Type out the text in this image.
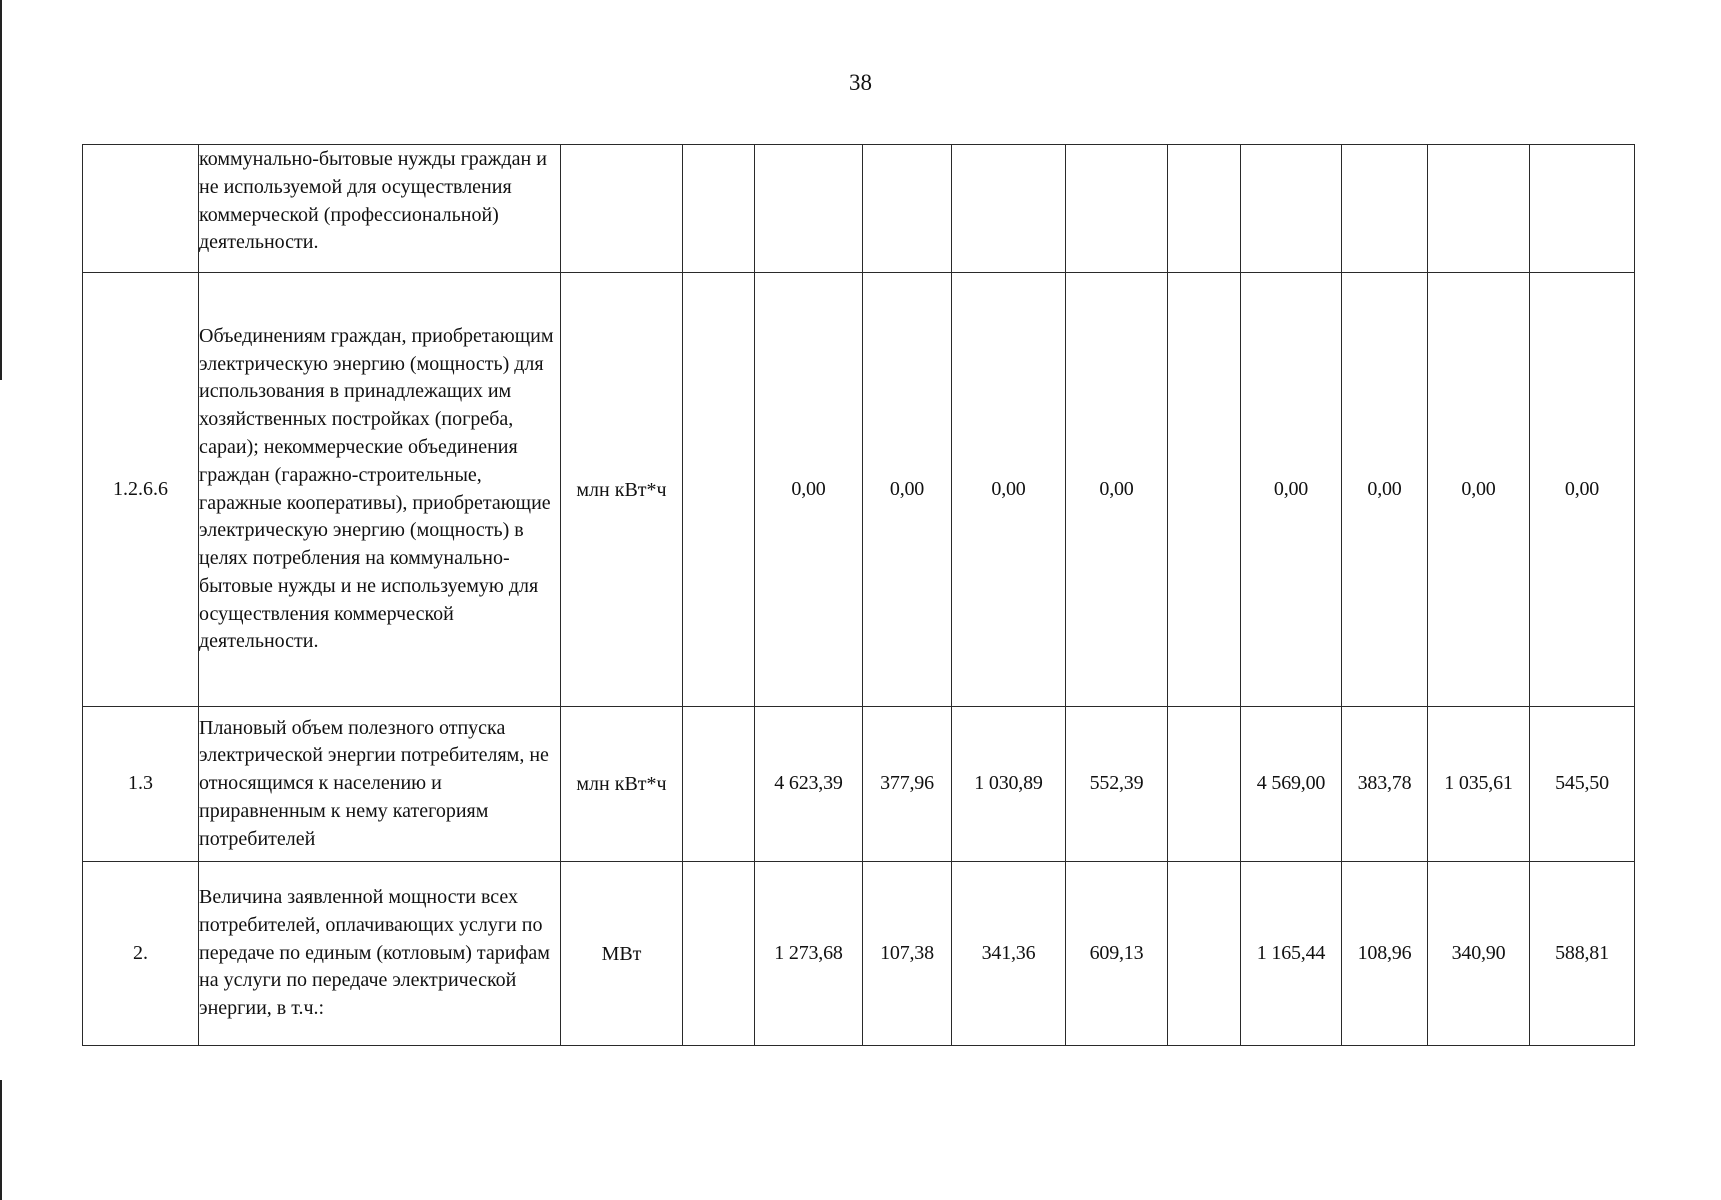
38
	коммунально-бытовые нужды граждан и не используемой для осуществления коммерческой (профессиональной) деятельности.											
1.2.6.6	Объединениям граждан, приобретающим электрическую энергию (мощность) для использования в принадлежащих им хозяйственных постройках (погреба, сараи); некоммерческие объединения граждан (гаражно-строительные, гаражные кооперативы), приобретающие электрическую энергию (мощность) в целях потребления на коммунально-бытовые нужды и не используемую для осуществления коммерческой деятельности.	млн кВт*ч		0,00	0,00	0,00	0,00		0,00	0,00	0,00	0,00
1.3	Плановый объем полезного отпуска электрической энергии потребителям, не относящимся к населению и приравненным к нему категориям потребителей	млн кВт*ч		4 623,39	377,96	1 030,89	552,39		4 569,00	383,78	1 035,61	545,50
2.	Величина заявленной мощности всех потребителей, оплачивающих услуги по передаче по единым (котловым) тарифам на услуги по передаче электрической энергии, в т.ч.:	МВт		1 273,68	107,38	341,36	609,13		1 165,44	108,96	340,90	588,81
